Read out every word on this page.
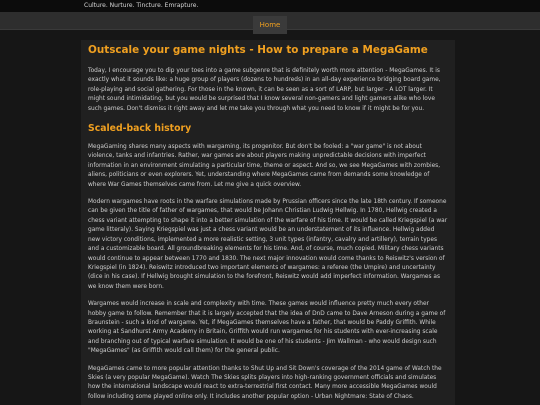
Culture. Nurture. Tincture. Emrapture.
Home
Outscale your game nights - How to prepare a MegaGame

Today, I encourage you to dip your toes into a game subgenre that is definitely worth more attention - MegaGames. It is exactly what it sounds like: a huge group of players (dozens to hundreds) in an all-day experience bridging board game, role-playing and social gathering. For those in the known, it can be seen as a sort of LARP, but larger - A LOT larger. It might sound intimidating, but you would be surprised that I know several non-gamers and light gamers alike who love such games. Don't dismiss it right away and let me take you through what you need to know if it might be for you.

Scaled-back history

MegaGaming shares many aspects with wargaming, its progenitor. But don't be fooled: a "war game" is not about violence, tanks and infantries. Rather, war games are about players making unpredictable decisions with imperfect information in an environment simulating a particular time, theme or aspect. And so, we see MegaGames with zombies, aliens, politicians or even explorers. Yet, understanding where MegaGames came from demands some knowledge of where War Games themselves came from. Let me give a quick overview.

Modern wargames have roots in the warfare simulations made by Prussian officers since the late 18th century. If someone can be given the title of father of wargames, that would be Johann Christian Ludwig Hellwig. In 1780, Hellwig created a chess variant attempting to shape it into a better simulation of the warfare of his time. It would be called Kriegspiel (a war game litteraly). Saying Kriegspiel was just a chess variant would be an understatement of its influence. Hellwig added new victory conditions, implemented a more realistic setting, 3 unit types (infantry, cavalry and artillery), terrain types and a customizable board. All groundbreaking elements for his time. And, of course, much copied. Military chess variants would continue to appear between 1770 and 1830. The next major innovation would come thanks to Reiswitz's version of Kriegspiel (in 1824). Reiswitz introduced two important elements of wargames: a referee (the Umpire) and uncertainty (dice in his case). If Hellwig brought simulation to the forefront, Reiswitz would add imperfect information. Wargames as we know them were born.

Wargames would increase in scale and complexity with time. These games would influence pretty much every other hobby game to follow. Remember that it is largely accepted that the idea of DnD came to Dave Arneson during a game of Braunstein - such a kind of wargame. Yet, if MegaGames themselves have a father, that would be Paddy Griffith. While working at Sandhurst Army Academy in Britain, Griffith would run wargames for his students with ever-increasing scale and branching out of typical warfare simulation. It would be one of his students - Jim Wallman - who would design such "MegaGames" (as Griffith would call them) for the general public.

MegaGames came to more popular attention thanks to Shut Up and Sit Down's coverage of the 2014 game of Watch the Skies (a very popular MegaGame). Watch The Skies splits players into high-ranking government officials and simulates how the international landscape would react to extra-terrestrial first contact. Many more accessible MegaGames would follow including some played online only. It includes another popular option - Urban Nightmare: State of Chaos.
